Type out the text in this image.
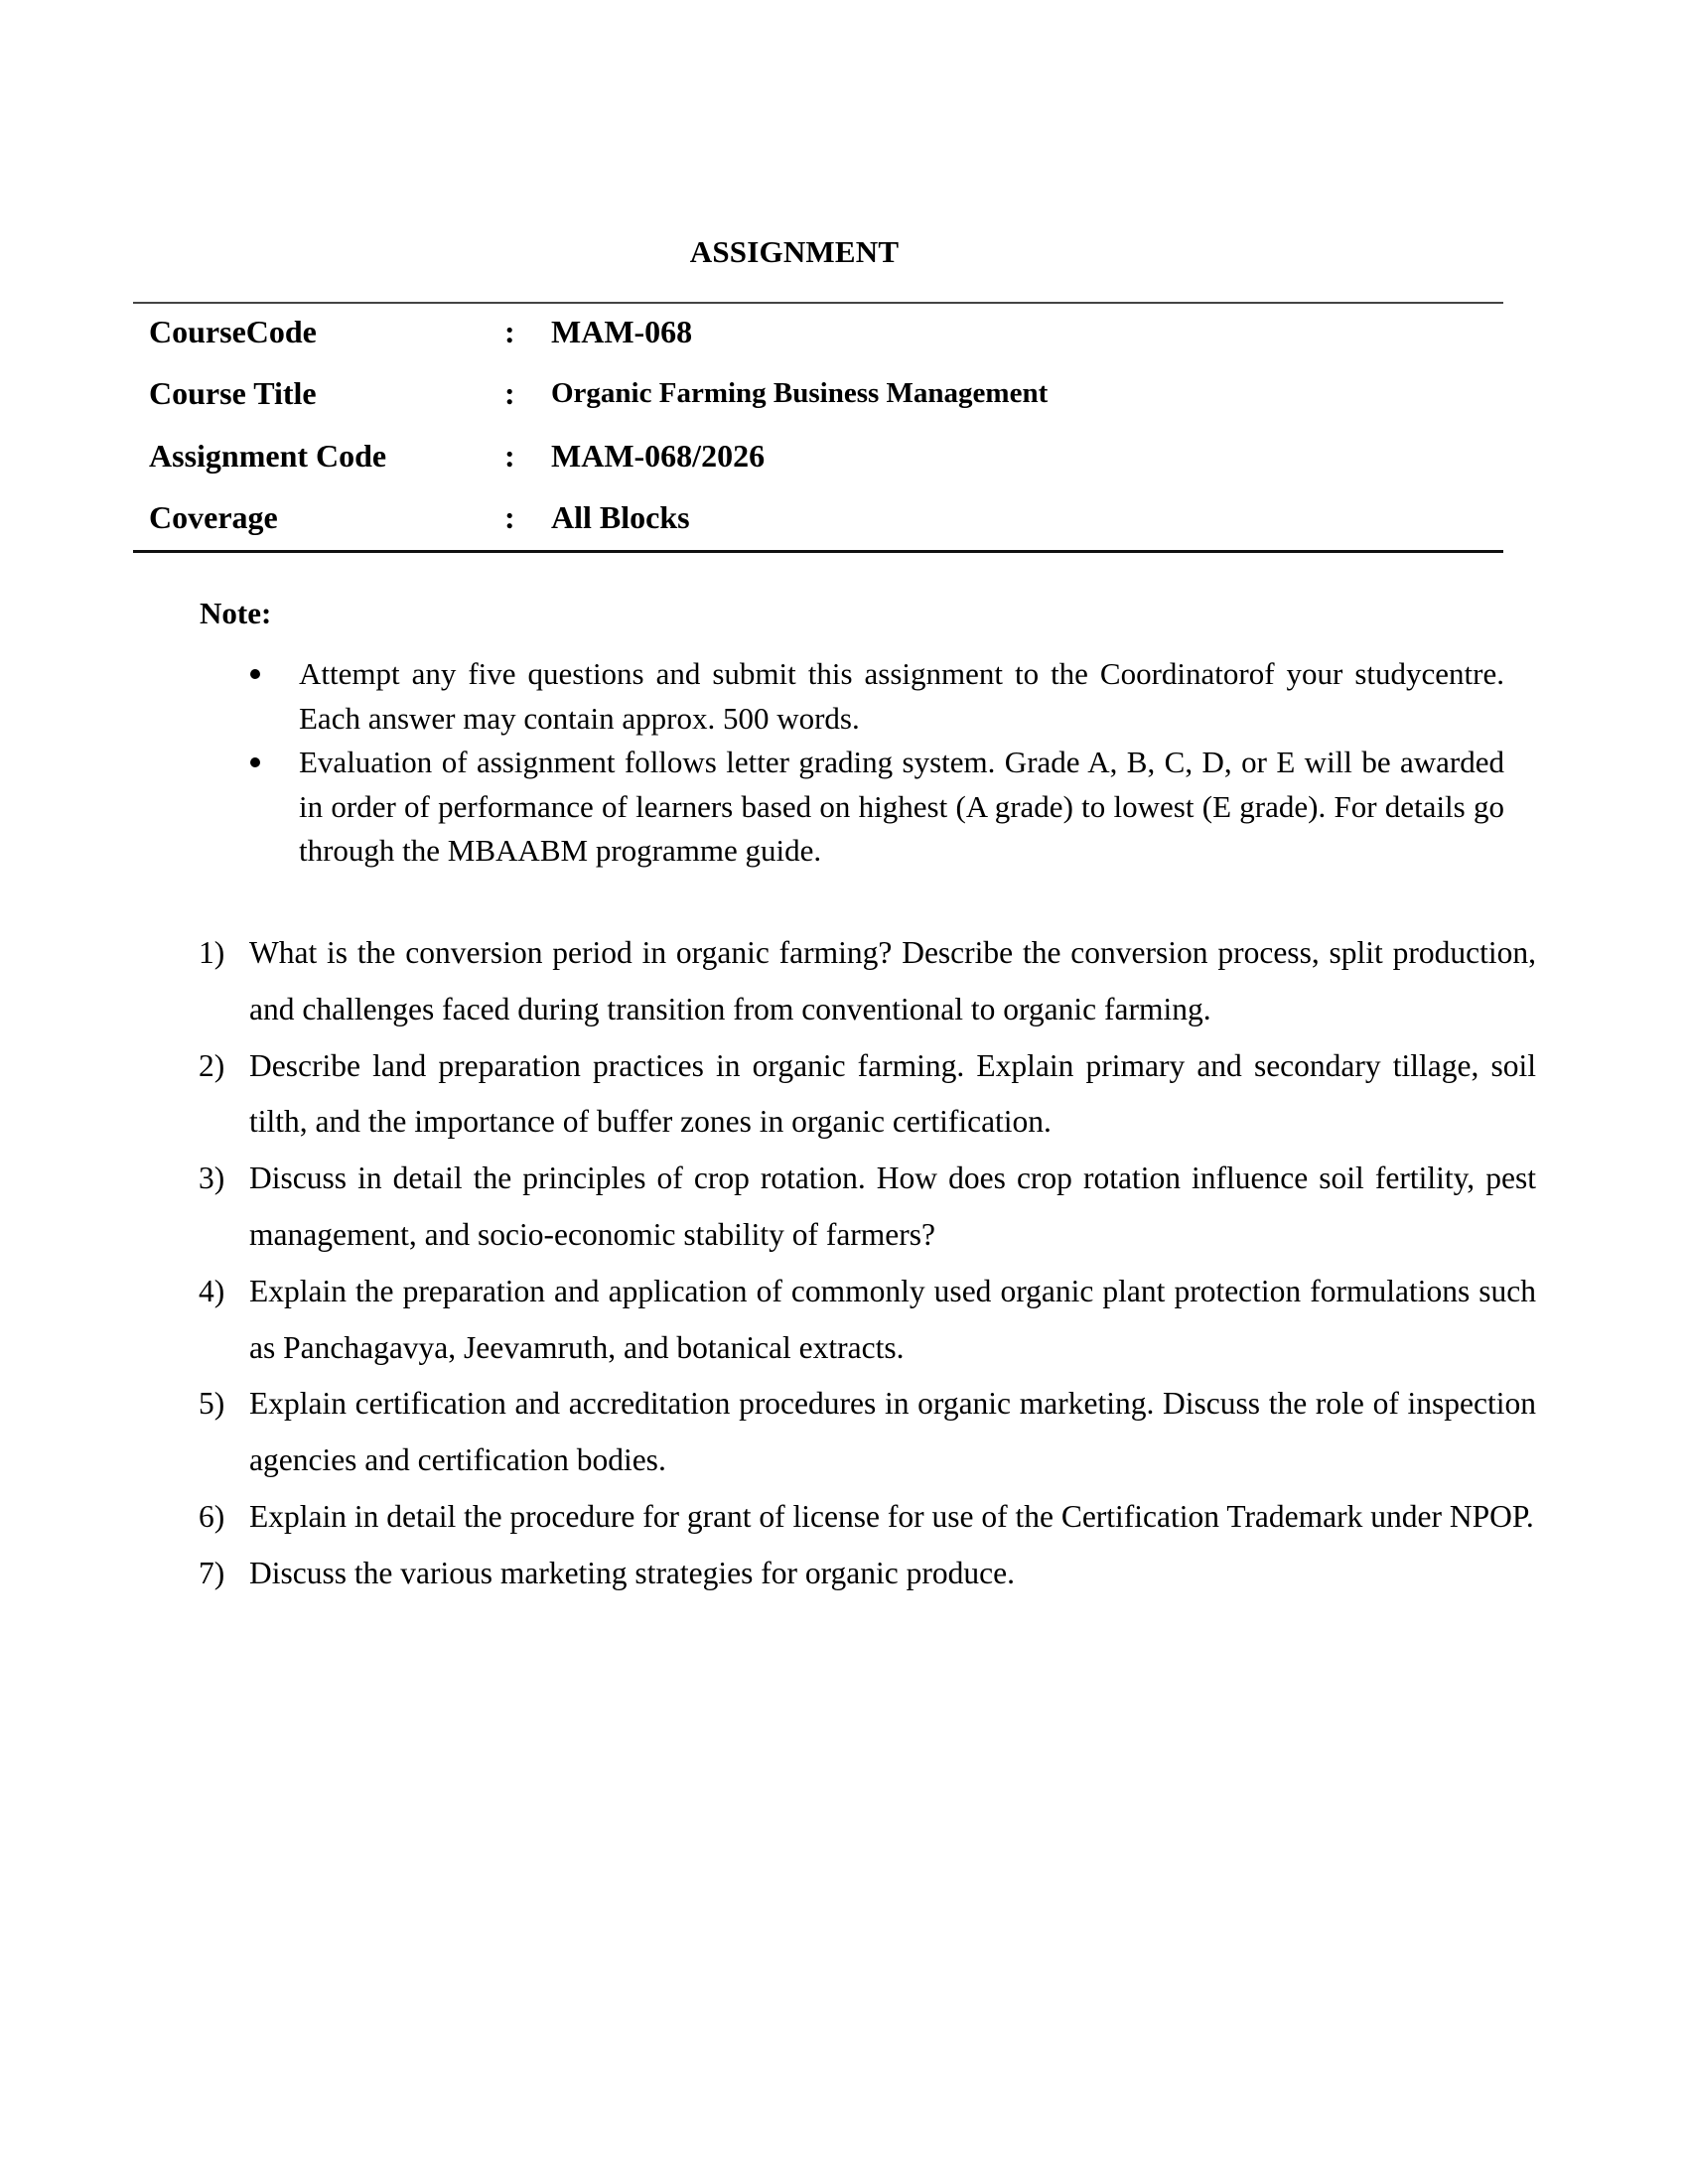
ASSIGNMENT
CourseCode	: MAM-068
Course Title	: Organic Farming Business Management
Assignment Code	: MAM-068/2026
Coverage	: All Blocks
Note:
Attempt any five questions and submit this assignment to the Coordinatorof your studycentre. Each answer may contain approx. 500 words.
Evaluation of assignment follows letter grading system. Grade A, B, C, D, or E will be awarded in order of performance of learners based on highest (A grade) to lowest (E grade). For details go through the MBAABM programme guide.
1) What is the conversion period in organic farming? Describe the conversion process, split production, and challenges faced during transition from conventional to organic farming.
2) Describe land preparation practices in organic farming. Explain primary and secondary tillage, soil tilth, and the importance of buffer zones in organic certification.
3) Discuss in detail the principles of crop rotation. How does crop rotation influence soil fertility, pest management, and socio-economic stability of farmers?
4) Explain the preparation and application of commonly used organic plant protection formulations such as Panchagavya, Jeevamruth, and botanical extracts.
5) Explain certification and accreditation procedures in organic marketing. Discuss the role of inspection agencies and certification bodies.
6) Explain in detail the procedure for grant of license for use of the Certification Trademark under NPOP.
7) Discuss the various marketing strategies for organic produce.
